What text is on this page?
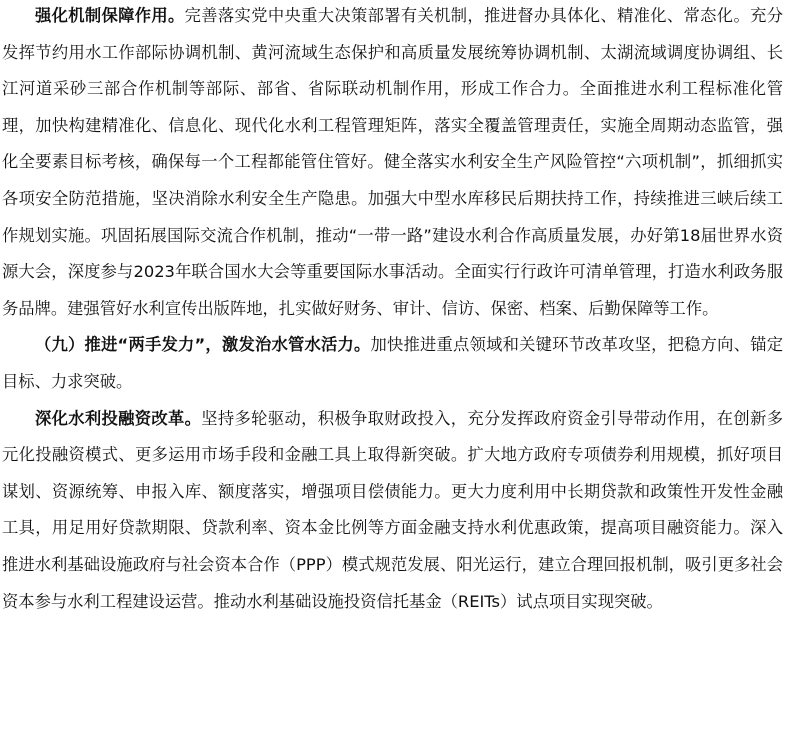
强化机制保障作用。完善落实党中央重大决策部署有关机制，推进督办具体化、精准化、常态化。充分发挥节约用水工作部际协调机制、黄河流域生态保护和高质量发展统筹协调机制、太湖流域调度协调组、长江河道采砂三部合作机制等部际、部省、省际联动机制作用，形成工作合力。全面推进水利工程标准化管理，加快构建精准化、信息化、现代化水利工程管理矩阵，落实全覆盖管理责任，实施全周期动态监管，强化全要素目标考核，确保每一个工程都能管住管好。健全落实水利安全生产风险管控“六项机制”，抓细抓实各项安全防范措施，坚决消除水利安全生产隐患。加强大中型水库移民后期扶持工作，持续推进三峡后续工作规划实施。巩固拓展国际交流合作机制，推动“一带一路”建设水利合作高质量发展，办好第18届世界水资源大会，深度参与2023年联合国水大会等重要国际水事活动。全面实行行政许可清单管理，打造水利政务服务品牌。建强管好水利宣传出版阵地，扎实做好财务、审计、信访、保密、档案、后勤保障等工作。

（九）推进“两手发力”，激发治水管水活力。加快推进重点领域和关键环节改革攻坚，把稳方向、锚定目标、力求突破。

深化水利投融资改革。坚持多轮驱动，积极争取财政投入，充分发挥政府资金引导带动作用，在创新多元化投融资模式、更多运用市场手段和金融工具上取得新突破。扩大地方政府专项债券利用规模，抓好项目谋划、资源统筹、申报入库、额度落实，增强项目偿债能力。更大力度利用中长期贷款和政策性开发性金融工具，用足用好贷款期限、贷款利率、资本金比例等方面金融支持水利优惠政策，提高项目融资能力。深入推进水利基础设施政府与社会资本合作（PPP）模式规范发展、阳光运行，建立合理回报机制，吸引更多社会资本参与水利工程建设运营。推动水利基础设施投资信托基金（REITs）试点项目实现突破。
